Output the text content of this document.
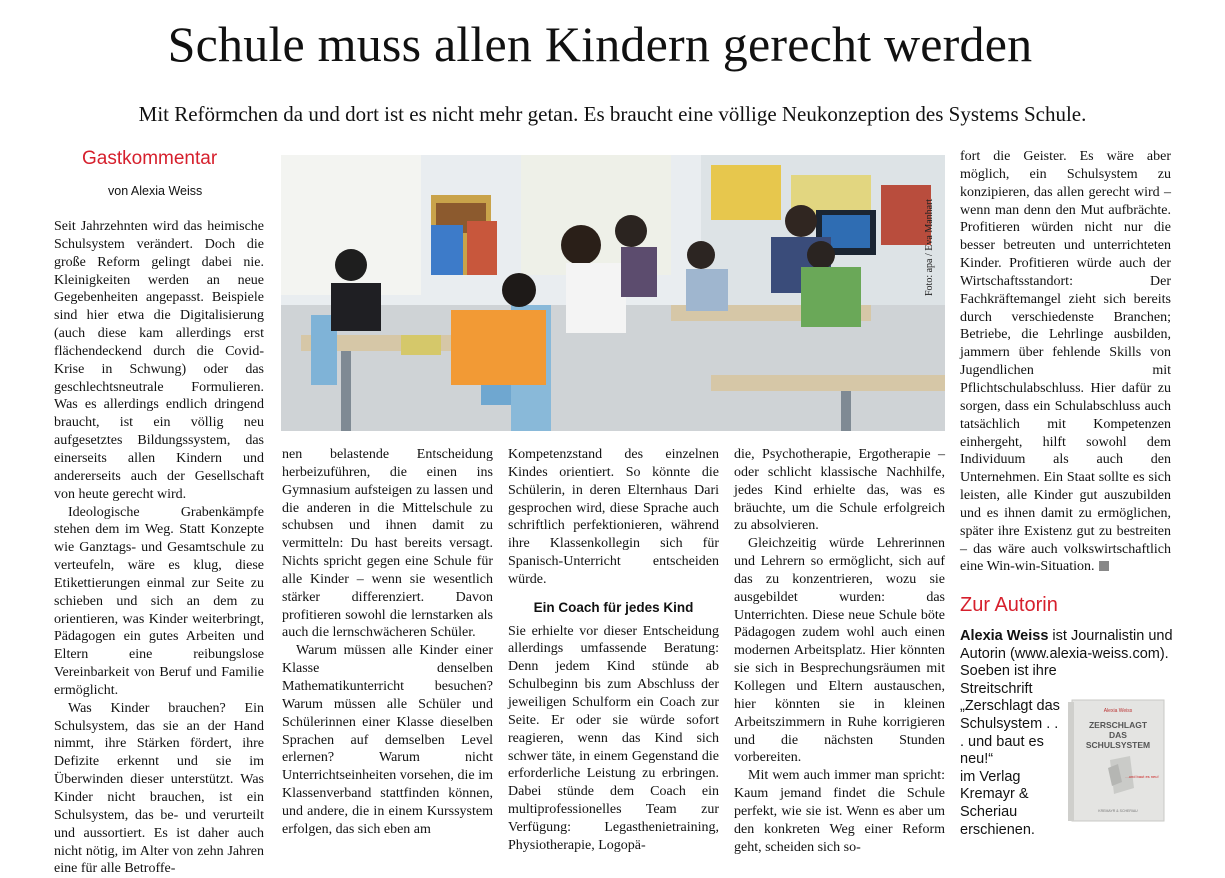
Schule muss allen Kindern gerecht werden

Mit Reförmchen da und dort ist es nicht mehr getan. Es braucht eine völlige Neukonzeption des Systems Schule.

Gastkommentar
von Alexia Weiss

Seit Jahrzehnten wird das heimische Schulsystem verändert. Doch die große Reform gelingt dabei nie. Kleinigkeiten werden an neue Gegebenheiten angepasst. Beispiele sind hier etwa die Digitalisierung (auch diese kam allerdings erst flächendeckend durch die Covid-Krise in Schwung) oder das geschlechtsneutrale Formulieren. Was es allerdings endlich dringend braucht, ist ein völlig neu aufgesetztes Bildungssystem, das einerseits allen Kindern und andererseits auch der Gesellschaft von heute gerecht wird.

Ideologische Grabenkämpfe stehen dem im Weg. Statt Konzepte wie Ganztags- und Gesamtschule zu verteufeln, wäre es klug, diese Etikettierungen einmal zur Seite zu schieben und sich an dem zu orientieren, was Kinder weiterbringt, Pädagogen ein gutes Arbeiten und Eltern eine reibungslose Vereinbarkeit von Beruf und Familie ermöglicht.

Was Kinder brauchen? Ein Schulsystem, das sie an der Hand nimmt, ihre Stärken fördert, ihre Defizite erkennt und sie im Überwinden dieser unterstützt. Was Kinder nicht brauchen, ist ein Schulsystem, das be- und verurteilt und aussortiert. Es ist daher auch nicht nötig, im Alter von zehn Jahren eine für alle Betroffe-

Foto: apa / Eva Manhart

nen belastende Entscheidung herbeizuführen, die einen ins Gymnasium aufsteigen zu lassen und die anderen in die Mittelschule zu schubsen und ihnen damit zu vermitteln: Du hast bereits versagt. Nichts spricht gegen eine Schule für alle Kinder – wenn sie wesentlich stärker differenziert. Davon profitieren sowohl die lernstarken als auch die lernschwächeren Schüler.

Warum müssen alle Kinder einer Klasse denselben Mathematikunterricht besuchen? Warum müssen alle Schüler und Schülerinnen einer Klasse dieselben Sprachen auf demselben Level erlernen? Warum nicht Unterrichtseinheiten vorsehen, die im Klassenverband stattfinden können, und andere, die in einem Kurssystem erfolgen, das sich eben am

Kompetenzstand des einzelnen Kindes orientiert. So könnte die Schülerin, in deren Elternhaus Dari gesprochen wird, diese Sprache auch schriftlich perfektionieren, während ihre Klassenkollegin sich für Spanisch-Unterricht entscheiden würde.

Ein Coach für jedes Kind

Sie erhielte vor dieser Entscheidung allerdings umfassende Beratung: Denn jedem Kind stünde ab Schulbeginn bis zum Abschluss der jeweiligen Schulform ein Coach zur Seite. Er oder sie würde sofort reagieren, wenn das Kind sich schwer täte, in einem Gegenstand die erforderliche Leistung zu erbringen. Dabei stünde dem Coach ein multiprofessionelles Team zur Verfügung: Legasthenietraining, Physiotherapie, Logopä-

die, Psychotherapie, Ergotherapie – oder schlicht klassische Nachhilfe, jedes Kind erhielte das, was es bräuchte, um die Schule erfolgreich zu absolvieren.

Gleichzeitig würde Lehrerinnen und Lehrern so ermöglicht, sich auf das zu konzentrieren, wozu sie ausgebildet wurden: das Unterrichten. Diese neue Schule böte Pädagogen zudem wohl auch einen modernen Arbeitsplatz. Hier könnten sie sich in Besprechungsräumen mit Kollegen und Eltern austauschen, hier könnten sie in kleinen Arbeitszimmern in Ruhe korrigieren und die nächsten Stunden vorbereiten.

Mit wem auch immer man spricht: Kaum jemand findet die Schule perfekt, wie sie ist. Wenn es aber um den konkreten Weg einer Reform geht, scheiden sich so-

fort die Geister. Es wäre aber möglich, ein Schulsystem zu konzipieren, das allen gerecht wird – wenn man denn den Mut aufbrächte. Profitieren würden nicht nur die besser betreuten und unterrichteten Kinder. Profitieren würde auch der Wirtschaftsstandort: Der Fachkräftemangel zieht sich bereits durch verschiedenste Branchen; Betriebe, die Lehrlinge ausbilden, jammern über fehlende Skills von Jugendlichen mit Pflichtschulabschluss. Hier dafür zu sorgen, dass ein Schulabschluss auch tatsächlich mit Kompetenzen einhergeht, hilft sowohl dem Individuum als auch den Unternehmen. Ein Staat sollte es sich leisten, alle Kinder gut auszubilden und es ihnen damit zu ermöglichen, später ihre Existenz gut zu bestreiten – das wäre auch volkswirtschaftlich eine Win-win-Situation.

Zur Autorin
Alexia Weiss ist Journalistin und Autorin (www.alexia-weiss.com). Soeben ist ihre
Streitschrift
„Zerschlagt das Schulsystem . . . und baut es neu!“
im Verlag Kremayr & Scheriau erschienen.
Alexia Weiss
ZERSCHLAGT
DAS
SCHULSYSTEM
...und baut es neu!
KREMAYR & SCHERIAU
